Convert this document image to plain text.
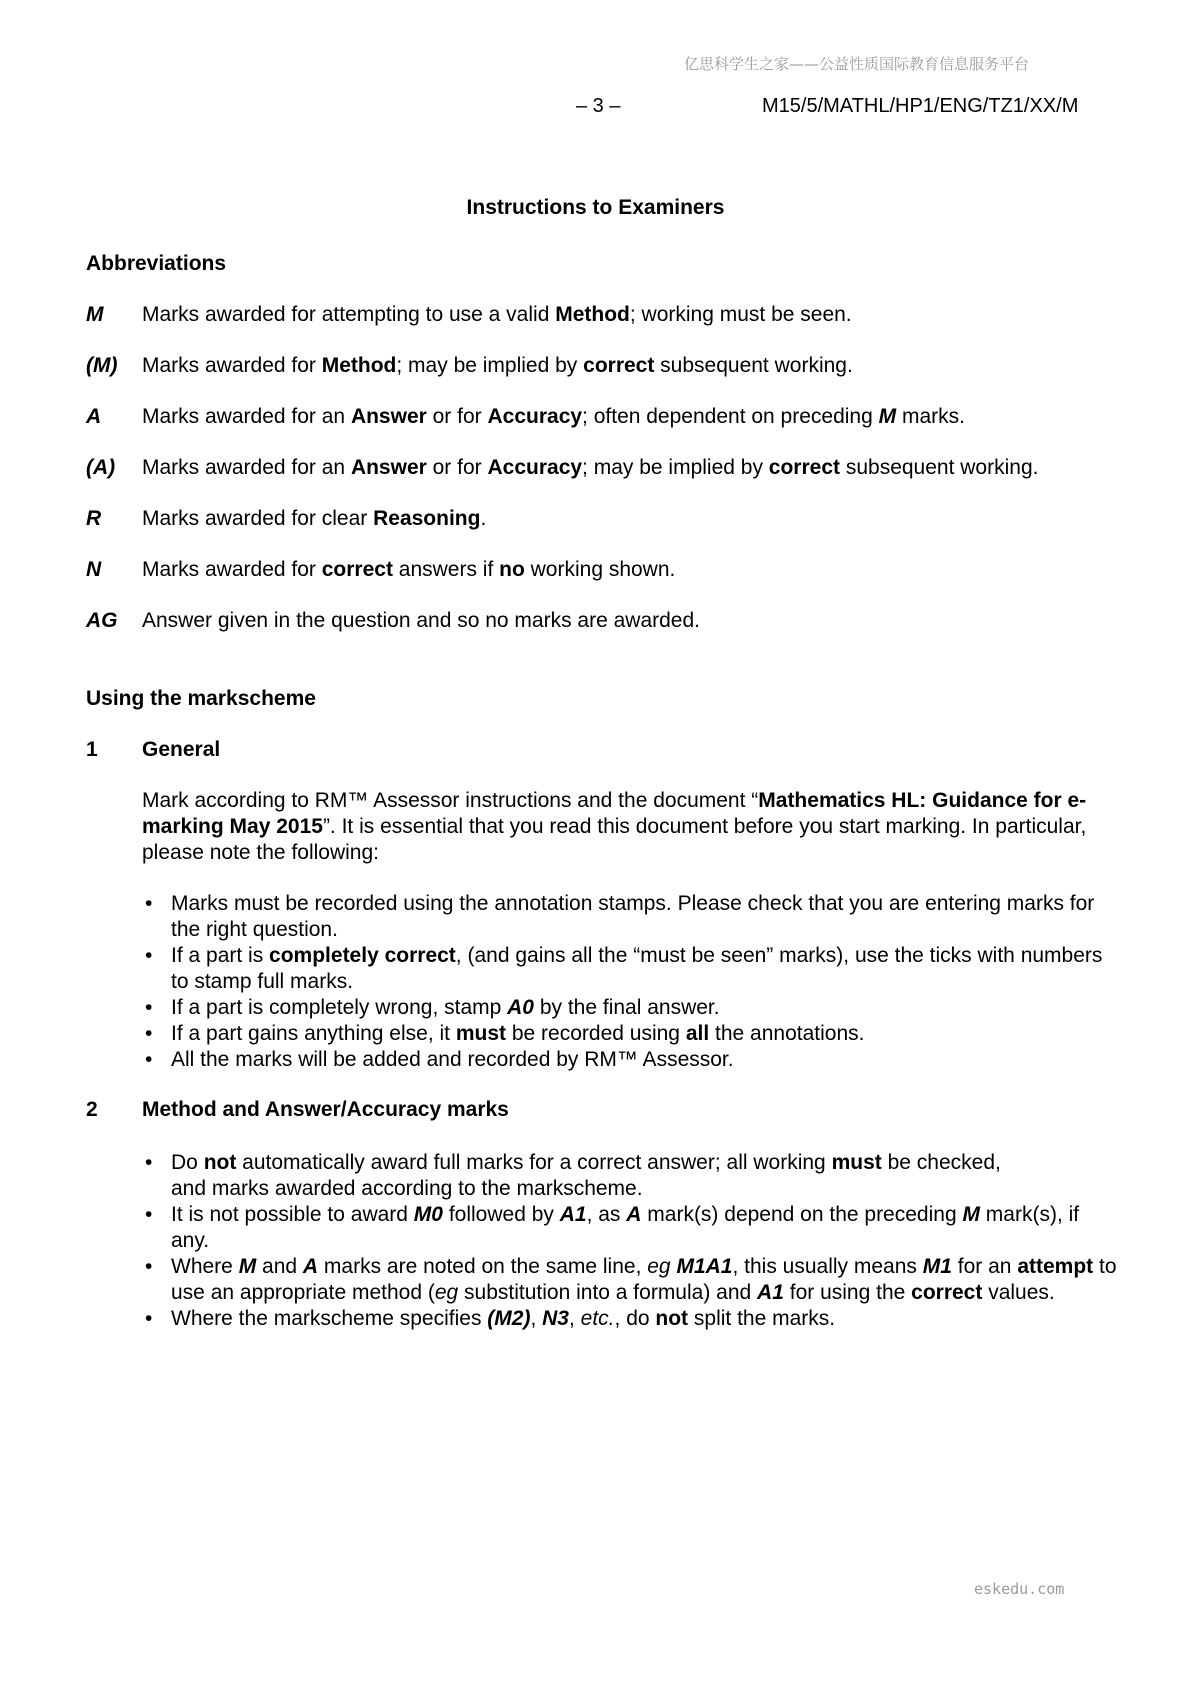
亿思科学生之家——公益性质国际教育信息服务平台
– 3 –	M15/5/MATHL/HP1/ENG/TZ1/XX/M
Instructions to Examiners
Abbreviations
M Marks awarded for attempting to use a valid Method; working must be seen.
(M) Marks awarded for Method; may be implied by correct subsequent working.
A Marks awarded for an Answer or for Accuracy; often dependent on preceding M marks.
(A) Marks awarded for an Answer or for Accuracy; may be implied by correct subsequent working.
R Marks awarded for clear Reasoning.
N Marks awarded for correct answers if no working shown.
AG Answer given in the question and so no marks are awarded.
Using the markscheme
1 General
Mark according to RM™ Assessor instructions and the document “Mathematics HL: Guidance for e-marking May 2015”. It is essential that you read this document before you start marking. In particular, please note the following:
• Marks must be recorded using the annotation stamps. Please check that you are entering marks for the right question.
• If a part is completely correct, (and gains all the “must be seen” marks), use the ticks with numbers to stamp full marks.
• If a part is completely wrong, stamp A0 by the final answer.
• If a part gains anything else, it must be recorded using all the annotations.
• All the marks will be added and recorded by RM™ Assessor.
2 Method and Answer/Accuracy marks
• Do not automatically award full marks for a correct answer; all working must be checked,
and marks awarded according to the markscheme.
• It is not possible to award M0 followed by A1, as A mark(s) depend on the preceding M mark(s), if any.
• Where M and A marks are noted on the same line, eg M1A1, this usually means M1 for an attempt to use an appropriate method (eg substitution into a formula) and A1 for using the correct values.
• Where the markscheme specifies (M2), N3, etc., do not split the marks.
eskedu.com
